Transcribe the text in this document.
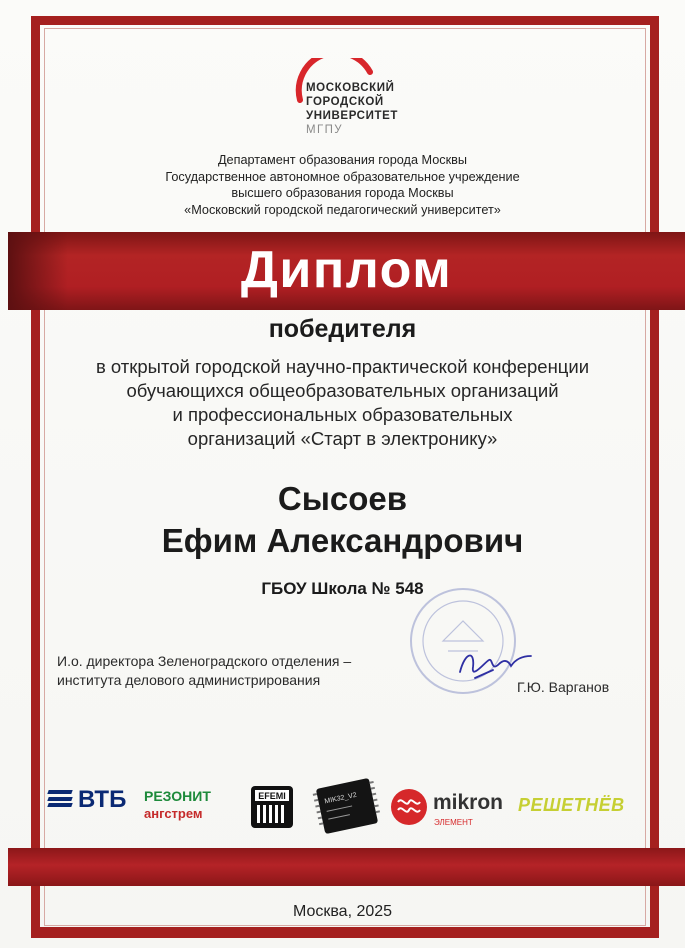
МОСКОВСКИЙ
ГОРОДСКОЙ
УНИВЕРСИТЕТ
МГПУ
Департамент образования города Москвы
Государственное автономное образовательное учреждение
высшего образования города Москвы
«Московский городской педагогический университет»
Диплом
победителя
в открытой городской научно-практической конференции
обучающихся общеобразовательных организаций
и профессиональных образовательных
организаций «Старт в электронику»
Сысоев
Ефим Александрович
ГБОУ Школа № 548
И.о. директора Зеленоградского отделения –
института делового администрирования	Г.Ю. Варганов
ВТБ РЕЗОНИТ
ангстрем
EFEMI	MIK32_V2	mikron
ЭЛЕМЕНТ
РЕШЕТНЁВ
Москва, 2025
